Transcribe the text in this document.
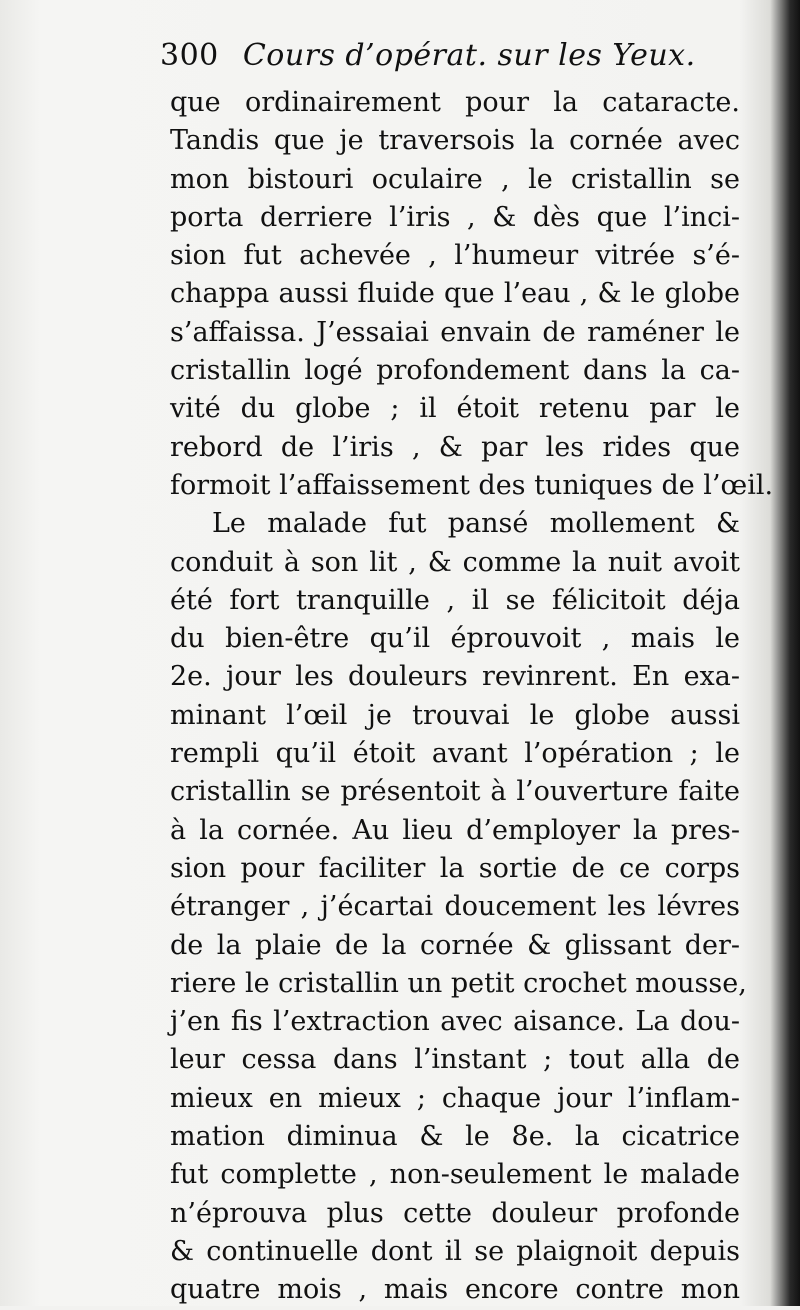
300 Cours d’opérat. sur les Yeux.
que ordinairement pour la cataracte.
Tandis que je traversois la cornée avec
mon bistouri oculaire , le cristallin se
porta derriere l’iris , & dès que l’inci-
sion fut achevée , l’humeur vitrée s’é-
chappa aussi fluide que l’eau , & le globe
s’affaissa. J’essaiai envain de raméner le
cristallin logé profondement dans la ca-
vité du globe ; il étoit retenu par le
rebord de l’iris , & par les rides que
formoit l’affaissement des tuniques de l’œil.
Le malade fut pansé mollement &
conduit à son lit , & comme la nuit avoit
été fort tranquille , il se félicitoit déja
du bien-être qu’il éprouvoit , mais le
2e. jour les douleurs revinrent. En exa-
minant l’œil je trouvai le globe aussi
rempli qu’il étoit avant l’opération ; le
cristallin se présentoit à l’ouverture faite
à la cornée. Au lieu d’employer la pres-
sion pour faciliter la sortie de ce corps
étranger , j’écartai doucement les lévres
de la plaie de la cornée & glissant der-
riere le cristallin un petit crochet mousse,
j’en fis l’extraction avec aisance. La dou-
leur cessa dans l’instant ; tout alla de
mieux en mieux ; chaque jour l’inflam-
mation diminua & le 8e. la cicatrice
fut complette , non-seulement le malade
n’éprouva plus cette douleur profonde
& continuelle dont il se plaignoit depuis
quatre mois , mais encore contre mon
